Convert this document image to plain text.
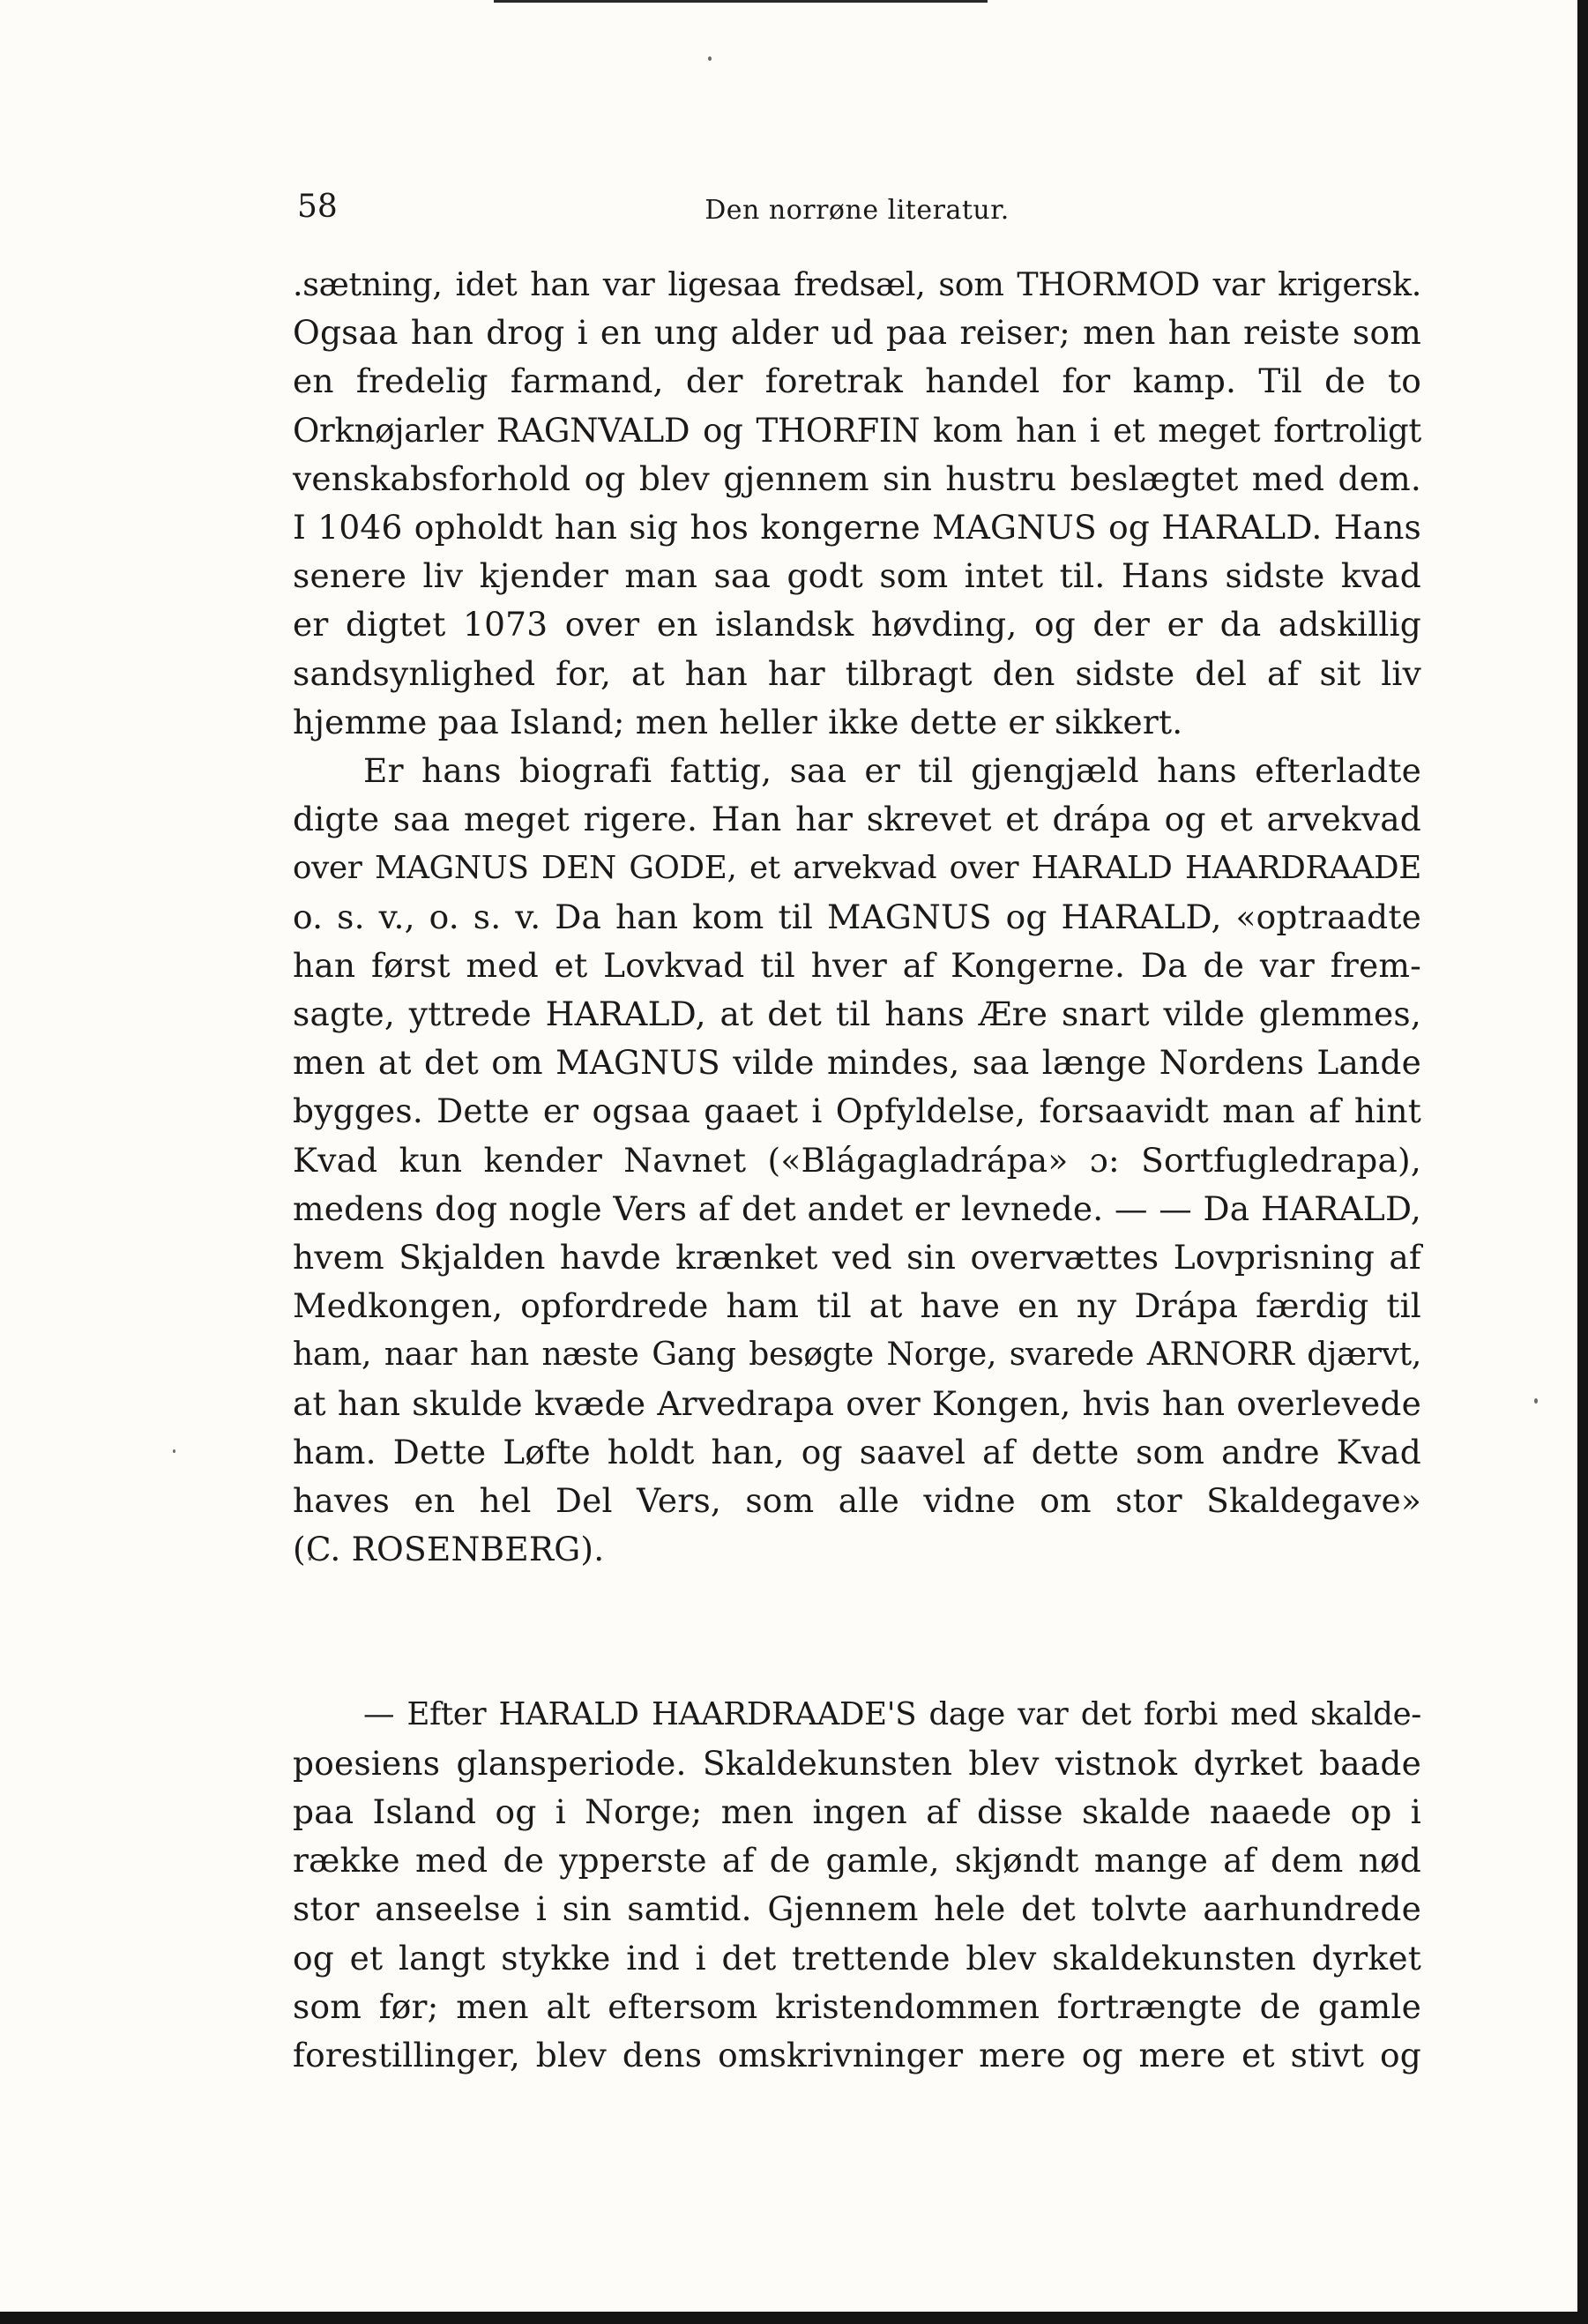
58	Den norrøne literatur.

.sætning, idet han var ligesaa fredsæl, som THORMOD var krigersk.
Ogsaa han drog i en ung alder ud paa reiser; men han reiste som
en fredelig farmand, der foretrak handel for kamp. Til de to
Orknøjarler RAGNVALD og THORFIN kom han i et meget fortroligt
venskabsforhold og blev gjennem sin hustru beslægtet med dem.
I 1046 opholdt han sig hos kongerne MAGNUS og HARALD. Hans
senere liv kjender man saa godt som intet til. Hans sidste kvad
er digtet 1073 over en islandsk høvding, og der er da adskillig
sandsynlighed for, at han har tilbragt den sidste del af sit liv
hjemme paa Island; men heller ikke dette er sikkert.

Er hans biografi fattig, saa er til gjengjæld hans efterladte
digte saa meget rigere. Han har skrevet et drápa og et arvekvad
over MAGNUS DEN GODE, et arvekvad over HARALD HAARDRAADE
o. s. v., o. s. v. Da han kom til MAGNUS og HARALD, «optraadte
han først med et Lovkvad til hver af Kongerne. Da de var frem-
sagte, yttrede HARALD, at det til hans Ære snart vilde glemmes,
men at det om MAGNUS vilde mindes, saa længe Nordens Lande
bygges. Dette er ogsaa gaaet i Opfyldelse, forsaavidt man af hint
Kvad kun kender Navnet («Blágagladrápa» ɔ: Sortfugledrapa),
medens dog nogle Vers af det andet er levnede. — — Da HARALD,
hvem Skjalden havde krænket ved sin overvættes Lovprisning af
Medkongen, opfordrede ham til at have en ny Drápa færdig til
ham, naar han næste Gang besøgte Norge, svarede ARNORR djærvt,
at han skulde kvæde Arvedrapa over Kongen, hvis han overlevede
ham. Dette Løfte holdt han, og saavel af dette som andre Kvad
haves en hel Del Vers, som alle vidne om stor Skaldegave»
(C. ROSENBERG).

— Efter HARALD HAARDRAADE'S dage var det forbi med skalde-
poesiens glansperiode. Skaldekunsten blev vistnok dyrket baade
paa Island og i Norge; men ingen af disse skalde naaede op i
række med de ypperste af de gamle, skjøndt mange af dem nød
stor anseelse i sin samtid. Gjennem hele det tolvte aarhundrede
og et langt stykke ind i det trettende blev skaldekunsten dyrket
som før; men alt eftersom kristendommen fortrængte de gamle
forestillinger, blev dens omskrivninger mere og mere et stivt og
